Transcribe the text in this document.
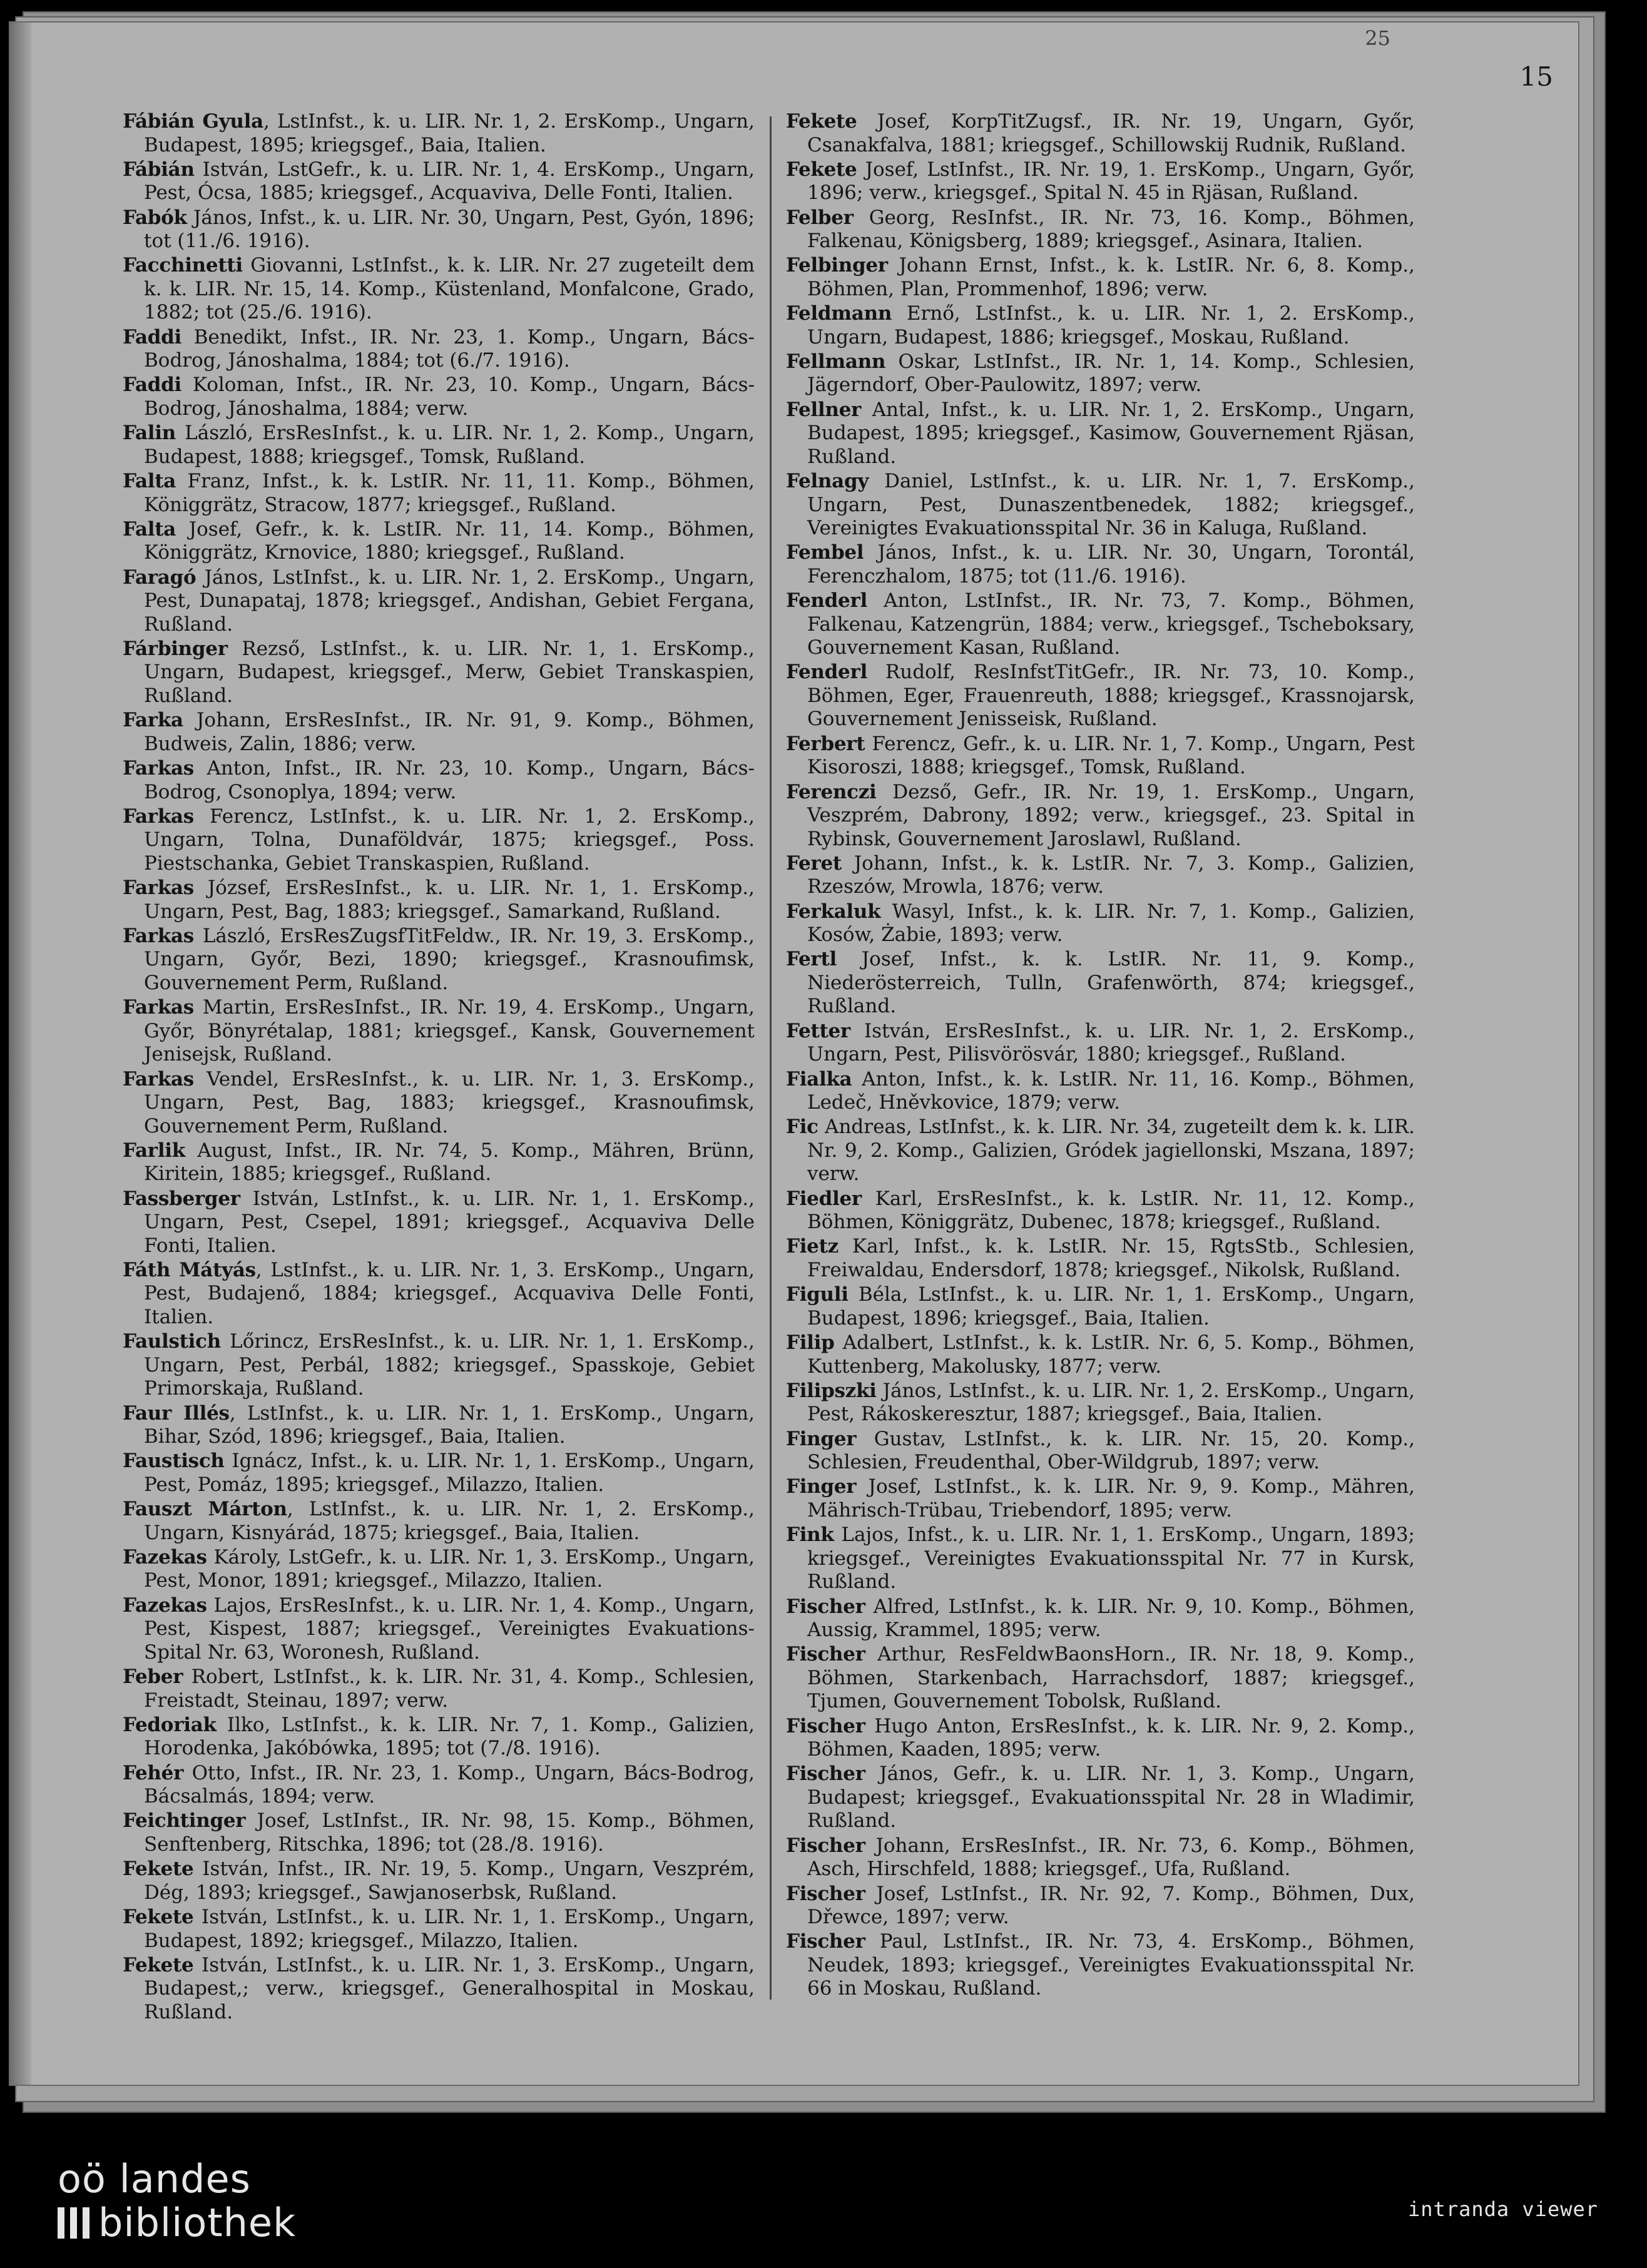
25
15

Fábián Gyula, LstInfst., k. u. LIR. Nr. 1, 2. ErsKomp., Ungarn, Budapest, 1895; kriegsgef., Baia, Italien.

Fábián István, LstGefr., k. u. LIR. Nr. 1, 4. ErsKomp., Ungarn, Pest, Ócsa, 1885; kriegsgef., Acquaviva, Delle Fonti, Italien.

Fabók János, Infst., k. u. LIR. Nr. 30, Ungarn, Pest, Gyón, 1896; tot (11./6. 1916).

Facchinetti Giovanni, LstInfst., k. k. LIR. Nr. 27 zugeteilt dem k. k. LIR. Nr. 15, 14. Komp., Küstenland, Monfalcone, Grado, 1882; tot (25./6. 1916).

Faddi Benedikt, Infst., IR. Nr. 23, 1. Komp., Ungarn, Bács-Bodrog, Jánoshalma, 1884; tot (6./7. 1916).

Faddi Koloman, Infst., IR. Nr. 23, 10. Komp., Ungarn, Bács-Bodrog, Jánoshalma, 1884; verw.

Falin László, ErsResInfst., k. u. LIR. Nr. 1, 2. Komp., Ungarn, Budapest, 1888; kriegsgef., Tomsk, Rußland.

Falta Franz, Infst., k. k. LstIR. Nr. 11, 11. Komp., Böhmen, Königgrätz, Stracow, 1877; kriegsgef., Rußland.

Falta Josef, Gefr., k. k. LstIR. Nr. 11, 14. Komp., Böhmen, Königgrätz, Krnovice, 1880; kriegsgef., Rußland.

Faragó János, LstInfst., k. u. LIR. Nr. 1, 2. ErsKomp., Ungarn, Pest, Dunapataj, 1878; kriegsgef., Andishan, Gebiet Fergana, Rußland.

Fárbinger Rezső, LstInfst., k. u. LIR. Nr. 1, 1. ErsKomp., Ungarn, Budapest, kriegsgef., Merw, Gebiet Transkaspien, Rußland.

Farka Johann, ErsResInfst., IR. Nr. 91, 9. Komp., Böhmen, Budweis, Zalin, 1886; verw.

Farkas Anton, Infst., IR. Nr. 23, 10. Komp., Ungarn, Bács-Bodrog, Csonoplya, 1894; verw.

Farkas Ferencz, LstInfst., k. u. LIR. Nr. 1, 2. ErsKomp., Ungarn, Tolna, Dunaföldvár, 1875; kriegsgef., Poss. Piestschanka, Gebiet Transkaspien, Rußland.

Farkas József, ErsResInfst., k. u. LIR. Nr. 1, 1. ErsKomp., Ungarn, Pest, Bag, 1883; kriegsgef., Samarkand, Rußland.

Farkas László, ErsResZugsfTitFeldw., IR. Nr. 19, 3. ErsKomp., Ungarn, Győr, Bezi, 1890; kriegsgef., Krasnoufimsk, Gouvernement Perm, Rußland.

Farkas Martin, ErsResInfst., IR. Nr. 19, 4. ErsKomp., Ungarn, Győr, Bönyrétalap, 1881; kriegsgef., Kansk, Gouvernement Jenisejsk, Rußland.

Farkas Vendel, ErsResInfst., k. u. LIR. Nr. 1, 3. ErsKomp., Ungarn, Pest, Bag, 1883; kriegsgef., Krasnoufimsk, Gouvernement Perm, Rußland.

Farlik August, Infst., IR. Nr. 74, 5. Komp., Mähren, Brünn, Kiritein, 1885; kriegsgef., Rußland.

Fassberger István, LstInfst., k. u. LIR. Nr. 1, 1. ErsKomp., Ungarn, Pest, Csepel, 1891; kriegsgef., Acquaviva Delle Fonti, Italien.

Fáth Mátyás, LstInfst., k. u. LIR. Nr. 1, 3. ErsKomp., Ungarn, Pest, Budajenő, 1884; kriegsgef., Acquaviva Delle Fonti, Italien.

Faulstich Lőrincz, ErsResInfst., k. u. LIR. Nr. 1, 1. ErsKomp., Ungarn, Pest, Perbál, 1882; kriegsgef., Spasskoje, Gebiet Primorskaja, Rußland.

Faur Illés, LstInfst., k. u. LIR. Nr. 1, 1. ErsKomp., Ungarn, Bihar, Szód, 1896; kriegsgef., Baia, Italien.

Faustisch Ignácz, Infst., k. u. LIR. Nr. 1, 1. ErsKomp., Ungarn, Pest, Pomáz, 1895; kriegsgef., Milazzo, Italien.

Fauszt Márton, LstInfst., k. u. LIR. Nr. 1, 2. ErsKomp., Ungarn, Kisnyárád, 1875; kriegsgef., Baia, Italien.

Fazekas Károly, LstGefr., k. u. LIR. Nr. 1, 3. ErsKomp., Ungarn, Pest, Monor, 1891; kriegsgef., Milazzo, Italien.

Fazekas Lajos, ErsResInfst., k. u. LIR. Nr. 1, 4. Komp., Ungarn, Pest, Kispest, 1887; kriegsgef., Vereinigtes Evakuations-Spital Nr. 63, Woronesh, Rußland.

Feber Robert, LstInfst., k. k. LIR. Nr. 31, 4. Komp., Schlesien, Freistadt, Steinau, 1897; verw.

Fedoriak Ilko, LstInfst., k. k. LIR. Nr. 7, 1. Komp., Galizien, Horodenka, Jakóbówka, 1895; tot (7./8. 1916).

Fehér Otto, Infst., IR. Nr. 23, 1. Komp., Ungarn, Bács-Bodrog, Bácsalmás, 1894; verw.

Feichtinger Josef, LstInfst., IR. Nr. 98, 15. Komp., Böhmen, Senftenberg, Ritschka, 1896; tot (28./8. 1916).

Fekete István, Infst., IR. Nr. 19, 5. Komp., Ungarn, Veszprém, Dég, 1893; kriegsgef., Sawjanoserbsk, Rußland.

Fekete István, LstInfst., k. u. LIR. Nr. 1, 1. ErsKomp., Ungarn, Budapest, 1892; kriegsgef., Milazzo, Italien.

Fekete István, LstInfst., k. u. LIR. Nr. 1, 3. ErsKomp., Ungarn, Budapest,; verw., kriegsgef., Generalhospital in Moskau, Rußland.

Fekete Josef, KorpTitZugsf., IR. Nr. 19, Ungarn, Győr, Csanakfalva, 1881; kriegsgef., Schillowskij Rudnik, Rußland.

Fekete Josef, LstInfst., IR. Nr. 19, 1. ErsKomp., Ungarn, Győr, 1896; verw., kriegsgef., Spital N. 45 in Rjäsan, Rußland.

Felber Georg, ResInfst., IR. Nr. 73, 16. Komp., Böhmen, Falkenau, Königsberg, 1889; kriegsgef., Asinara, Italien.

Felbinger Johann Ernst, Infst., k. k. LstIR. Nr. 6, 8. Komp., Böhmen, Plan, Prommenhof, 1896; verw.

Feldmann Ernő, LstInfst., k. u. LIR. Nr. 1, 2. ErsKomp., Ungarn, Budapest, 1886; kriegsgef., Moskau, Rußland.

Fellmann Oskar, LstInfst., IR. Nr. 1, 14. Komp., Schlesien, Jägerndorf, Ober-Paulowitz, 1897; verw.

Fellner Antal, Infst., k. u. LIR. Nr. 1, 2. ErsKomp., Ungarn, Budapest, 1895; kriegsgef., Kasimow, Gouvernement Rjäsan, Rußland.

Felnagy Daniel, LstInfst., k. u. LIR. Nr. 1, 7. ErsKomp., Ungarn, Pest, Dunaszentbenedek, 1882; kriegsgef., Vereinigtes Evakuationsspital Nr. 36 in Kaluga, Rußland.

Fembel János, Infst., k. u. LIR. Nr. 30, Ungarn, Torontál, Ferenczhalom, 1875; tot (11./6. 1916).

Fenderl Anton, LstInfst., IR. Nr. 73, 7. Komp., Böhmen, Falkenau, Katzengrün, 1884; verw., kriegsgef., Tscheboksary, Gouvernement Kasan, Rußland.

Fenderl Rudolf, ResInfstTitGefr., IR. Nr. 73, 10. Komp., Böhmen, Eger, Frauenreuth, 1888; kriegsgef., Krassnojarsk, Gouvernement Jenisseisk, Rußland.

Ferbert Ferencz, Gefr., k. u. LIR. Nr. 1, 7. Komp., Ungarn, Pest Kisoroszi, 1888; kriegsgef., Tomsk, Rußland.

Ferenczi Dezső, Gefr., IR. Nr. 19, 1. ErsKomp., Ungarn, Veszprém, Dabrony, 1892; verw., kriegsgef., 23. Spital in Rybinsk, Gouvernement Jaroslawl, Rußland.

Feret Johann, Infst., k. k. LstIR. Nr. 7, 3. Komp., Galizien, Rzeszów, Mrowla, 1876; verw.

Ferkaluk Wasyl, Infst., k. k. LIR. Nr. 7, 1. Komp., Galizien, Kosów, Żabie, 1893; verw.

Fertl Josef, Infst., k. k. LstIR. Nr. 11, 9. Komp., Niederösterreich, Tulln, Grafenwörth, 874; kriegsgef., Rußland.

Fetter István, ErsResInfst., k. u. LIR. Nr. 1, 2. ErsKomp., Ungarn, Pest, Pilisvörösvár, 1880; kriegsgef., Rußland.

Fialka Anton, Infst., k. k. LstIR. Nr. 11, 16. Komp., Böhmen, Ledeč, Hněvkovice, 1879; verw.

Fic Andreas, LstInfst., k. k. LIR. Nr. 34, zugeteilt dem k. k. LIR. Nr. 9, 2. Komp., Galizien, Gródek jagiellonski, Mszana, 1897; verw.

Fiedler Karl, ErsResInfst., k. k. LstIR. Nr. 11, 12. Komp., Böhmen, Königgrätz, Dubenec, 1878; kriegsgef., Rußland.

Fietz Karl, Infst., k. k. LstIR. Nr. 15, RgtsStb., Schlesien, Freiwaldau, Endersdorf, 1878; kriegsgef., Nikolsk, Rußland.

Figuli Béla, LstInfst., k. u. LIR. Nr. 1, 1. ErsKomp., Ungarn, Budapest, 1896; kriegsgef., Baia, Italien.

Filip Adalbert, LstInfst., k. k. LstIR. Nr. 6, 5. Komp., Böhmen, Kuttenberg, Makolusky, 1877; verw.

Filipszki János, LstInfst., k. u. LIR. Nr. 1, 2. ErsKomp., Ungarn, Pest, Rákoskeresztur, 1887; kriegsgef., Baia, Italien.

Finger Gustav, LstInfst., k. k. LIR. Nr. 15, 20. Komp., Schlesien, Freudenthal, Ober-Wildgrub, 1897; verw.

Finger Josef, LstInfst., k. k. LIR. Nr. 9, 9. Komp., Mähren, Mährisch-Trübau, Triebendorf, 1895; verw.

Fink Lajos, Infst., k. u. LIR. Nr. 1, 1. ErsKomp., Ungarn, 1893; kriegsgef., Vereinigtes Evakuationsspital Nr. 77 in Kursk, Rußland.

Fischer Alfred, LstInfst., k. k. LIR. Nr. 9, 10. Komp., Böhmen, Aussig, Krammel, 1895; verw.

Fischer Arthur, ResFeldwBaonsHorn., IR. Nr. 18, 9. Komp., Böhmen, Starkenbach, Harrachsdorf, 1887; kriegsgef., Tjumen, Gouvernement Tobolsk, Rußland.

Fischer Hugo Anton, ErsResInfst., k. k. LIR. Nr. 9, 2. Komp., Böhmen, Kaaden, 1895; verw.

Fischer János, Gefr., k. u. LIR. Nr. 1, 3. Komp., Ungarn, Budapest; kriegsgef., Evakuationsspital Nr. 28 in Wladimir, Rußland.

Fischer Johann, ErsResInfst., IR. Nr. 73, 6. Komp., Böhmen, Asch, Hirschfeld, 1888; kriegsgef., Ufa, Rußland.

Fischer Josef, LstInfst., IR. Nr. 92, 7. Komp., Böhmen, Dux, Dřewce, 1897; verw.

Fischer Paul, LstInfst., IR. Nr. 73, 4. ErsKomp., Böhmen, Neudek, 1893; kriegsgef., Vereinigtes Evakuationsspital Nr. 66 in Moskau, Rußland.

oö landes
bibliothek	intranda viewer
